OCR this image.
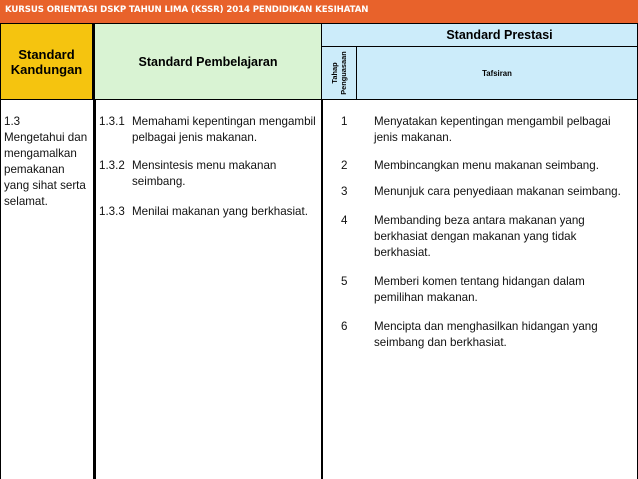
KURSUS ORIENTASI DSKP TAHUN LIMA (KSSR) 2014 PENDIDIKAN KESIHATAN
Standard
Kandungan	Standard Pembelajaran
Standard Prestasi
Tahap Penguasaan	Tafsiran
1.3
Mengetahui dan
mengamalkan
pemakanan
yang sihat serta
selamat.
1.3.1 Memahami kepentingan mengambil
pelbagai jenis makanan.
1.3.2 Mensintesis menu makanan
seimbang.
1.3.3 Menilai makanan yang berkhasiat.
1 Menyatakan kepentingan mengambil pelbagai
jenis makanan.
2 Membincangkan menu makanan seimbang.
3 Menunjuk cara penyediaan makanan seimbang.
4 Membanding beza antara makanan yang
berkhasiat dengan makanan yang tidak
berkhasiat.
5 Memberi komen tentang hidangan dalam
pemilihan makanan.
6 Mencipta dan menghasilkan hidangan yang
seimbang dan berkhasiat.
